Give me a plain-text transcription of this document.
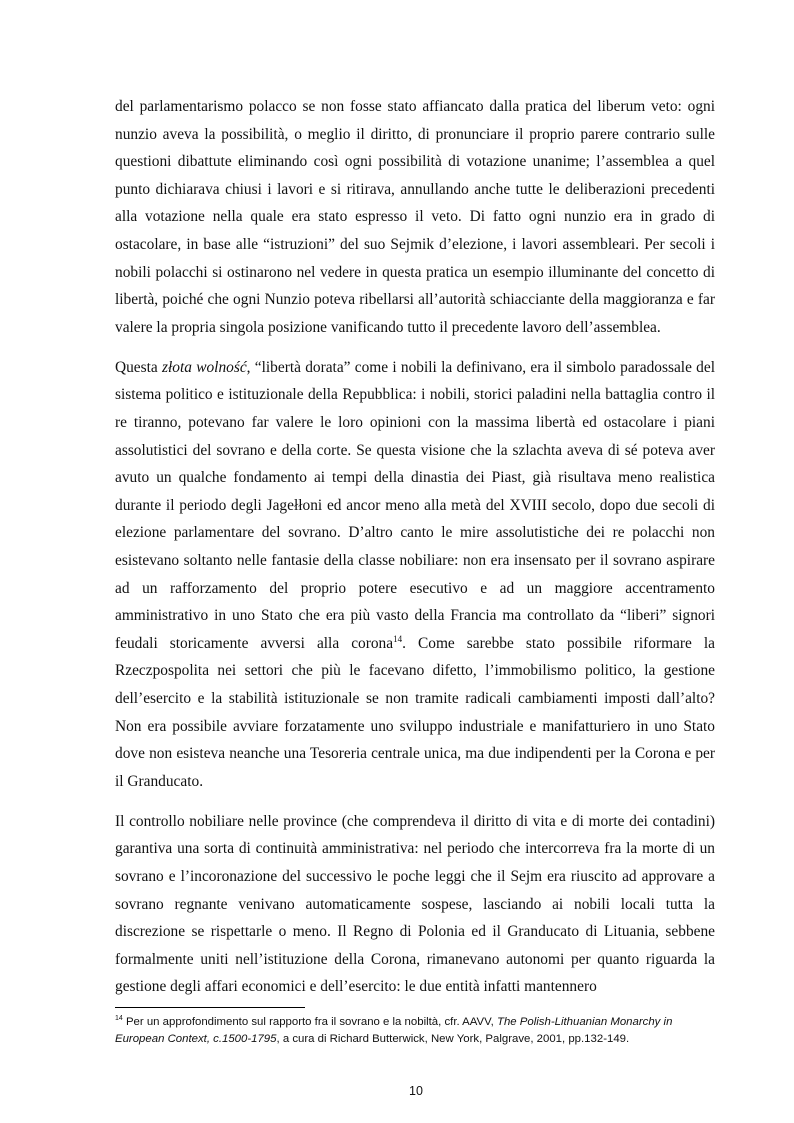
del parlamentarismo polacco se non fosse stato affiancato dalla pratica del liberum veto: ogni nunzio aveva la possibilità, o meglio il diritto, di pronunciare il proprio parere contrario sulle questioni dibattute eliminando così ogni possibilità di votazione unanime; l’assemblea a quel punto dichiarava chiusi i lavori e si ritirava, annullando anche tutte le deliberazioni precedenti alla votazione nella quale era stato espresso il veto. Di fatto ogni nunzio era in grado di ostacolare, in base alle “istruzioni” del suo Sejmik d’elezione, i lavori assembleari. Per secoli i nobili polacchi si ostinarono nel vedere in questa pratica un esempio illuminante del concetto di libertà, poiché che ogni Nunzio poteva ribellarsi all’autorità schiacciante della maggioranza e far valere la propria singola posizione vanificando tutto il precedente lavoro dell’assemblea.

Questa złota wolność, “libertà dorata” come i nobili la definivano, era il simbolo paradossale del sistema politico e istituzionale della Repubblica: i nobili, storici paladini nella battaglia contro il re tiranno, potevano far valere le loro opinioni con la massima libertà ed ostacolare i piani assolutistici del sovrano e della corte. Se questa visione che la szlachta aveva di sé poteva aver avuto un qualche fondamento ai tempi della dinastia dei Piast, già risultava meno realistica durante il periodo degli Jagełłoni ed ancor meno alla metà del XVIII secolo, dopo due secoli di elezione parlamentare del sovrano. D’altro canto le mire assolutistiche dei re polacchi non esistevano soltanto nelle fantasie della classe nobiliare: non era insensato per il sovrano aspirare ad un rafforzamento del proprio potere esecutivo e ad un maggiore accentramento amministrativo in uno Stato che era più vasto della Francia ma controllato da “liberi” signori feudali storicamente avversi alla corona$^{14}$. Come sarebbe stato possibile riformare la Rzeczpospolita nei settori che più le facevano difetto, l’immobilismo politico, la gestione dell’esercito e la stabilità istituzionale se non tramite radicali cambiamenti imposti dall’alto? Non era possibile avviare forzatamente uno sviluppo industriale e manifatturiero in uno Stato dove non esisteva neanche una Tesoreria centrale unica, ma due indipendenti per la Corona e per il Granducato.

Il controllo nobiliare nelle province (che comprendeva il diritto di vita e di morte dei contadini) garantiva una sorta di continuità amministrativa: nel periodo che intercorreva fra la morte di un sovrano e l’incoronazione del successivo le poche leggi che il Sejm era riuscito ad approvare a sovrano regnante venivano automaticamente sospese, lasciando ai nobili locali tutta la discrezione se rispettarle o meno. Il Regno di Polonia ed il Granducato di Lituania, sebbene formalmente uniti nell’istituzione della Corona, rimanevano autonomi per quanto riguarda la gestione degli affari economici e dell’esercito: le due entità infatti mantennero

$^{14}$ Per un approfondimento sul rapporto fra il sovrano e la nobiltà, cfr. AAVV, The Polish-Lithuanian Monarchy in European Context, c.1500-1795, a cura di Richard Butterwick, New York, Palgrave, 2001, pp.132-149.
10
